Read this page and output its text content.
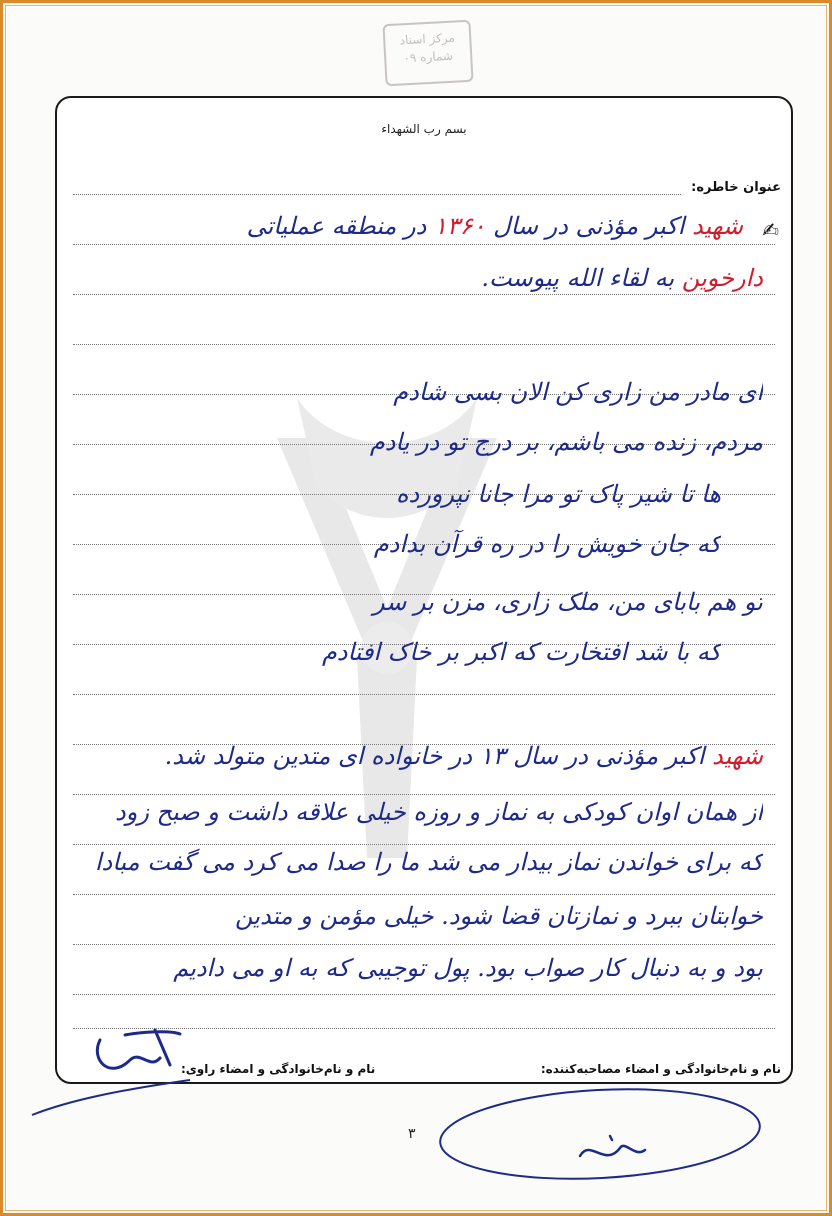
مرکز اسناد
شماره ۰۹
بسم رب الشهداء
عنوان خاطره:
✍
شهید اکبر مؤذنی در سال ۱۳۶۰ در منطقه عملیاتی
دارخوین به لقاء الله پیوست.
ای مادر من زاری کن الان بسی شادم
مردم، زنده می باشم، بر درج تو در یادم
ها تا شیر پاک تو مرا جانا نپرورده
که جان خویش را در ره قرآن بدادم
تو هم بابای من، ملک زاری، مزن بر سر
که با شد افتخارت که اکبر بر خاک افتادم
شهید اکبر مؤذنی در سال ۱۳ در خانواده ای متدین متولد شد.
از همان اوان کودکی به نماز و روزه خیلی علاقه داشت و صبح زود
که برای خواندن نماز بیدار می شد ما را صدا می کرد می گفت مبادا
خوابتان ببرد و نمازتان قضا شود. خیلی مؤمن و متدین
بود و به دنبال کار صواب بود. پول توجیبی که به او می دادیم
نام و نام‌خانوادگی و امضاء مصاحبه‌کننده:
نام و نام‌خانوادگی و امضاء راوی:
۳
